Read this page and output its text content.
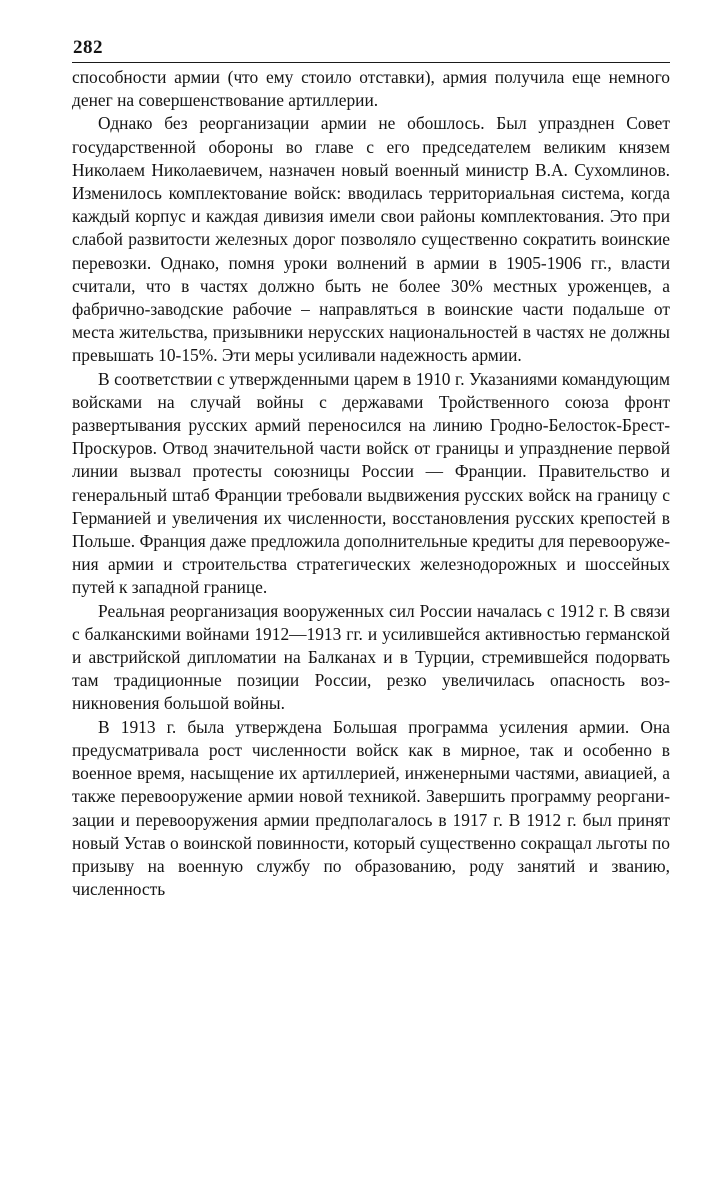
282

способности армии (что ему стоило отставки), армия получила еще немного денег на совершенствование артиллерии.

Однако без реорганизации армии не обошлось. Был упразднен Совет государственной обороны во главе с его председателем великим князем Николаем Николаевичем, назначен новый военный министр В.А. Сухомлинов. Изменилось комплектование войск: вводилась территориальная система, когда каждый корпус и каждая дивизия имели свои районы комплектования. Это при слабой развитости железных дорог позволяло существенно сократить воинские перевозки. Однако, помня уроки волнений в армии в 1905-1906 гг., власти считали, что в частях должно быть не более 30% местных уроженцев, а фабрично-заводские рабочие – направляться в воинские части подальше от места жительства, призывники нерусских национальностей в частях не должны превышать 10-15%. Эти меры усиливали надежность армии.

В соответствии с утвержденными царем в 1910 г. Указаниями командующим войсками на случай войны с державами Тройственного союза фронт развертывания русских армий переносился на линию Гродно-Белосток-Брест-Проскуров. Отвод значительной части войск от границы и упразднение первой линии вызвал протесты союзницы России — Франции. Правительство и генеральный штаб Франции требовали выдвижения русских войск на границу с Германией и увеличения их численности, восстановления русских крепостей в Польше. Франция даже предложила дополнительные кредиты для перевооружения армии и строительства стратегических железнодорожных и шоссейных путей к западной границе.

Реальная реорганизация вооруженных сил России началась с 1912 г. В связи с балканскими войнами 1912—1913 гг. и усилившейся активностью германской и австрийской дипломатии на Балканах и в Турции, стремившейся подорвать там традиционные позиции России, резко увеличилась опасность возникновения большой войны.

В 1913 г. была утверждена Большая программа усиления армии. Она предусматривала рост численности войск как в мирное, так и особенно в военное время, насыщение их артиллерией, инженерными частями, авиацией, а также перевооружение армии новой техникой. Завершить программу реорганизации и перевооружения армии предполагалось в 1917 г. В 1912 г. был принят новый Устав о воинской повинности, который существенно сокращал льготы по призыву на военную службу по образованию, роду занятий и званию, численность
